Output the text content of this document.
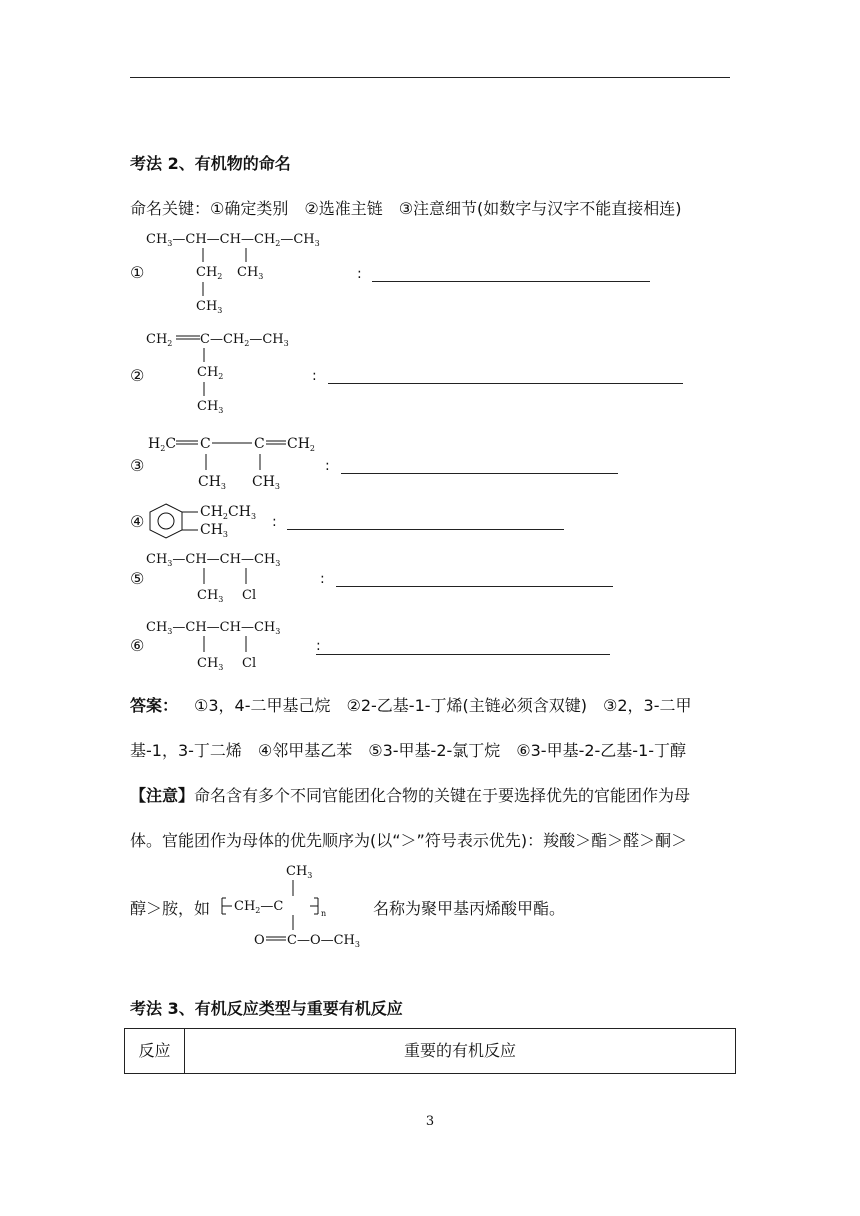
考法 2、有机物的命名
命名关键：①确定类别　②选准主链　③注意细节(如数字与汉字不能直接相连)
①
$CH_3—CH—CH—CH_2—CH_3$
$CH_2$ $CH_3$
$CH_3$
:
②
$CH_2$ $C—CH_2—CH_3$
$CH_2$
$CH_3$
:
③
$H_2C$ C	C $CH_2$
$CH_3$ $CH_3$
:
④	$CH_2CH_3$
$CH_3$
:
⑤
$CH_3—CH—CH—CH_3$
$CH_3$ Cl
:
⑥
$CH_3—CH—CH—CH_3$
$CH_3$ Cl
:
答案： ①3，4-二甲基己烷　②2-乙基-1-丁烯(主链必须含双键)　③2，3-二甲
基-1，3-丁二烯　④邻甲基乙苯　⑤3-甲基-2-氯丁烷　⑥3-甲基-2-乙基-1-丁醇
【注意】命名含有多个不同官能团化合物的关键在于要选择优先的官能团作为母
体。官能团作为母体的优先顺序为(以“＞”符号表示优先)：羧酸＞酯＞醛＞酮＞
醇＞胺，如
$CH_3$
$CH_2—C$	n
O $C—O—CH_3$
名称为聚甲基丙烯酸甲酯。
考法 3、有机反应类型与重要有机反应
反应	重要的有机反应
3
